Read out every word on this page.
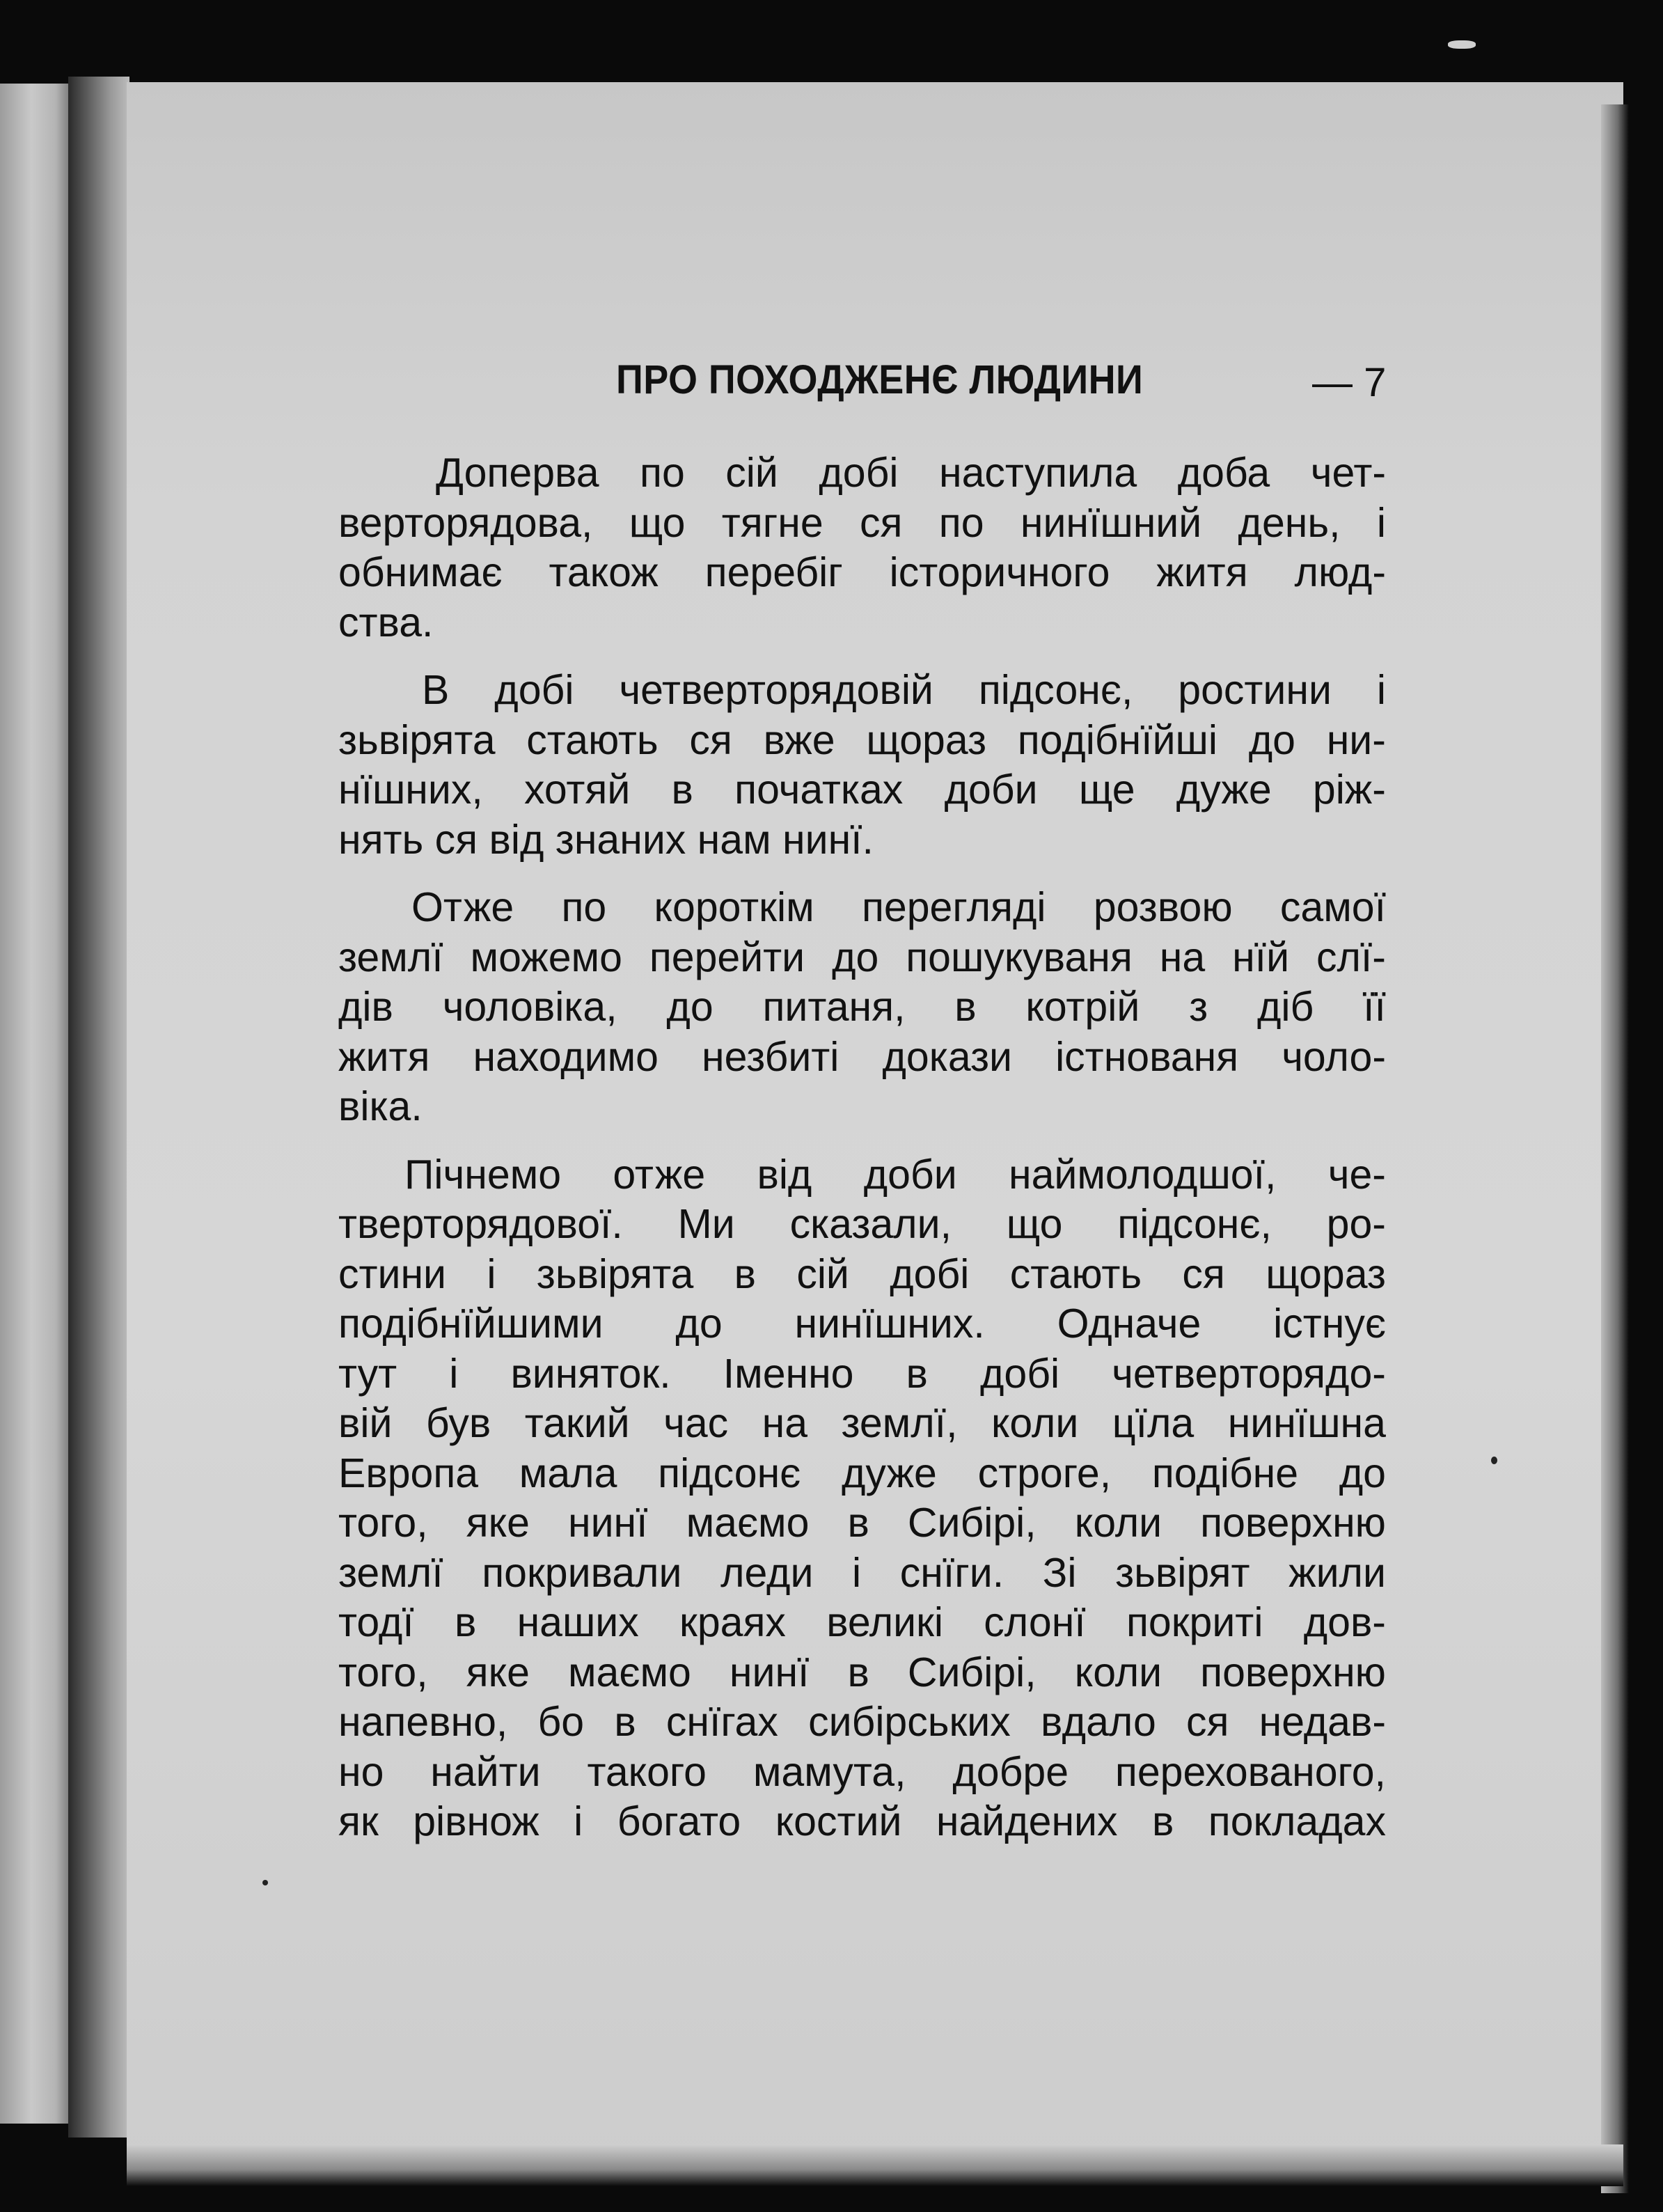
ПРО ПОХОДЖЕНЄ ЛЮДИНИ	— 7
Доперва по сій добі наступила доба чет-
верторядова, що тягне ся по нинїшний день, і
обнимає також перебіг історичного житя люд-
ства.
В добі четверторядовій підсонє, ростини і
зьвірята стають ся вже щораз подібнїйші до ни-
нїшних, хотяй в початках доби ще дуже ріж-
нять ся від знаних нам нинї.
Отже по короткім перегляді розвою самої
землї можемо перейти до пошукуваня на нїй слї-
дів чоловіка, до питаня, в котрій з діб її
житя находимо незбиті докази істнованя чоло-
віка.
Пічнемо отже від доби наймолодшої, че-
тверторядової. Ми сказали, що підсонє, ро-
стини і зьвірята в сій добі стають ся щораз
подібнїйшими до нинїшних. Одначе істнує
тут і виняток. Іменно в добі четверторядо-
вій був такий час на землї, коли цїла нинїшна
Европа мала підсонє дуже строге, подібне до
того, яке нинї маємо в Сибірі, коли поверхню
землї покривали леди і снїги. Зі зьвірят жили
тодї в наших краях великі слонї покриті дов-
того, яке маємо нинї в Сибірі, коли поверхню
напевно, бо в снїгах сибірських вдало ся недав-
но найти такого мамута, добре перехованого,
як рівнож і богато костий найдених в покладах
